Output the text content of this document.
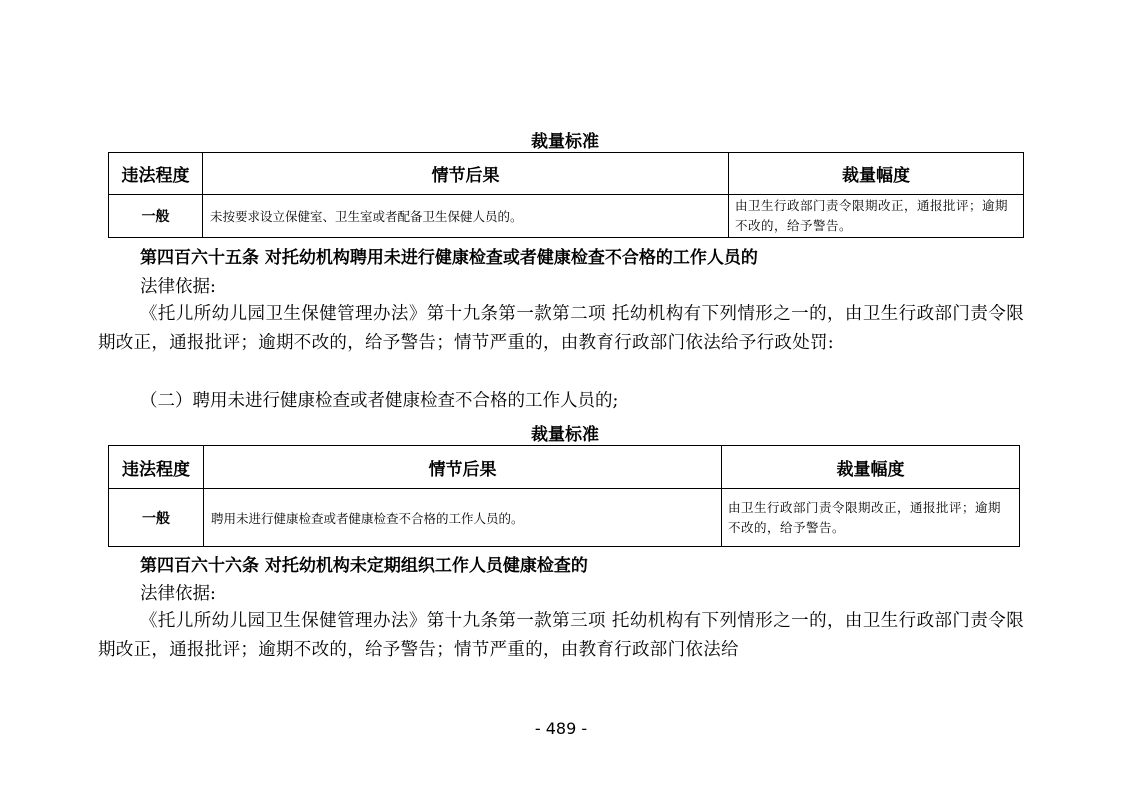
裁量标准
违法程度	情节后果	裁量幅度
一般	未按要求设立保健室、卫生室或者配备卫生保健人员的。	由卫生行政部门责令限期改正，通报批评；逾期不改的，给予警告。
第四百六十五条 对托幼机构聘用未进行健康检查或者健康检查不合格的工作人员的
法律依据:
《托儿所幼儿园卫生保健管理办法》第十九条第一款第二项 托幼机构有下列情形之一的，由卫生行政部门责令限期改正，通报批评；逾期不改的，给予警告；情节严重的，由教育行政部门依法给予行政处罚:
（二）聘用未进行健康检查或者健康检查不合格的工作人员的;
裁量标准
违法程度	情节后果	裁量幅度
一般	聘用未进行健康检查或者健康检查不合格的工作人员的。	由卫生行政部门责令限期改正，通报批评；逾期不改的，给予警告。
第四百六十六条 对托幼机构未定期组织工作人员健康检查的
法律依据:
《托儿所幼儿园卫生保健管理办法》第十九条第一款第三项 托幼机构有下列情形之一的，由卫生行政部门责令限期改正，通报批评；逾期不改的，给予警告；情节严重的，由教育行政部门依法给
- 489 -
